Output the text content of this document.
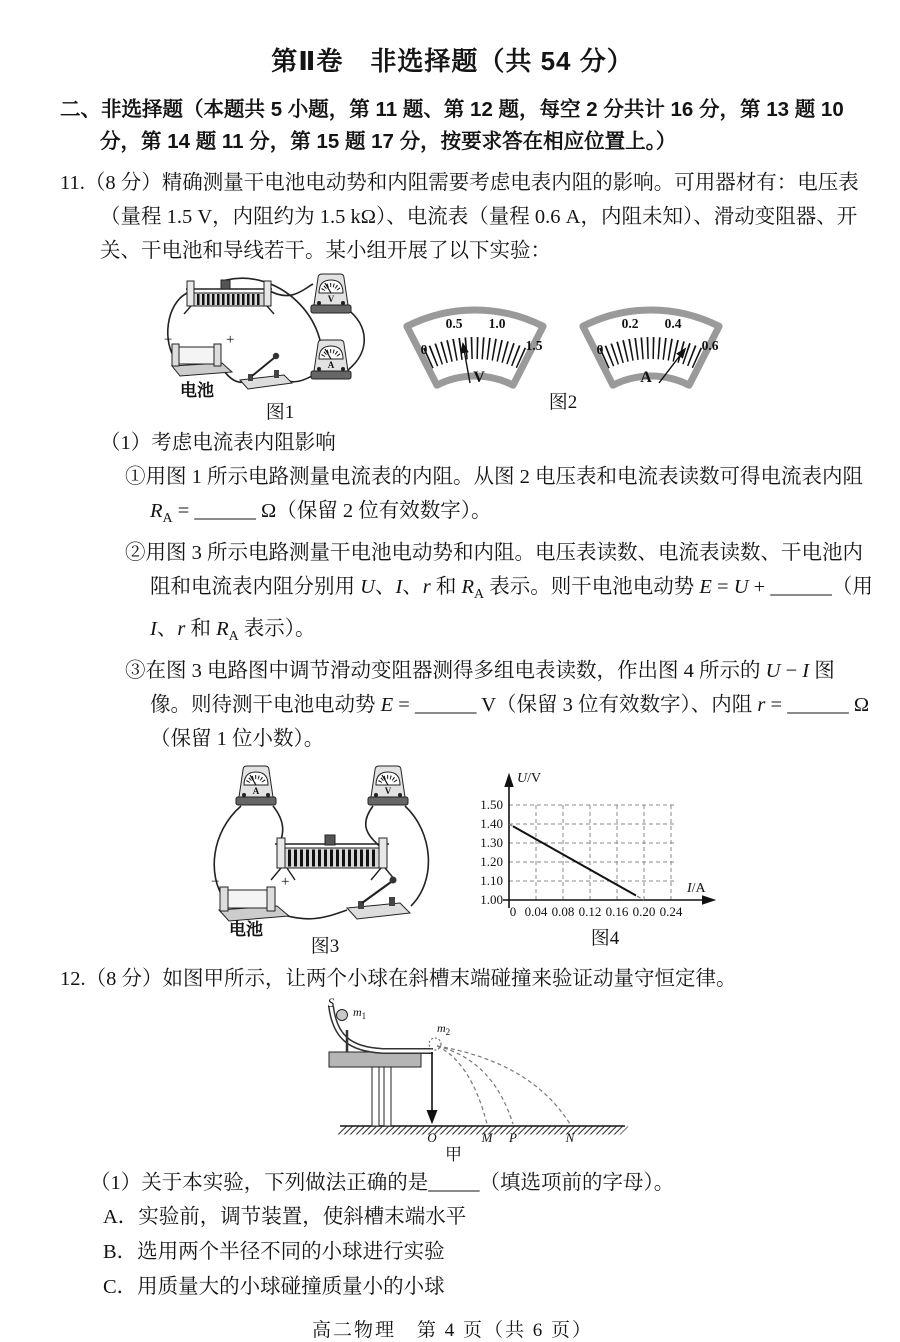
第Ⅱ卷　非选择题（共 54 分）
二、非选择题（本题共 5 小题，第 11 题、第 12 题，每空 2 分共计 16 分，第 13 题 10 分，第 14 题 11 分，第 15 题 17 分，按要求答在相应位置上。）
11.（8 分）精确测量干电池电动势和内阻需要考虑电表内阻的影响。可用器材有：电压表（量程 1.5 V，内阻约为 1.5 kΩ）、电流表（量程 0.6 A，内阻未知）、滑动变阻器、开关、干电池和导线若干。某小组开展了以下实验：
V
A
−	+
电池
图1
0
0.5 1.0
1.5
V
0
0.2 0.4
0.6
A
图2
（1）考虑电流表内阻影响
①用图 1 所示电路测量电流表的内阻。从图 2 电压表和电流表读数可得电流表内阻 $R_A$ = ______ Ω（保留 2 位有效数字）。
②用图 3 所示电路测量干电池电动势和内阻。电压表读数、电流表读数、干电池内阻和电流表内阻分别用 U、I、r 和 $R_A$ 表示。则干电池电动势 E = U + ______（用 I、r 和 $R_A$ 表示）。
③在图 3 电路图中调节滑动变阻器测得多组电表读数，作出图 4 所示的 U − I 图像。则待测干电池电动势 E = ______ V（保留 3 位有效数字）、内阻 r = ______ Ω（保留 1 位小数）。
A	V
−	+
电池
图3
1.50
1.40
1.30
1.20
1.10
1.00
0 0.04 0.08 0.12 0.16 0.20 0.24
U/V
I/A
图4
12.（8 分）如图甲所示，让两个小球在斜槽末端碰撞来验证动量守恒定律。
S
$m_1$
$m_2$
O	M P	N
甲
（1）关于本实验，下列做法正确的是_____（填选项前的字母）。
A．实验前，调节装置，使斜槽末端水平
B．选用两个半径不同的小球进行实验
C．用质量大的小球碰撞质量小的小球
高二物理　第 4 页（共 6 页）
